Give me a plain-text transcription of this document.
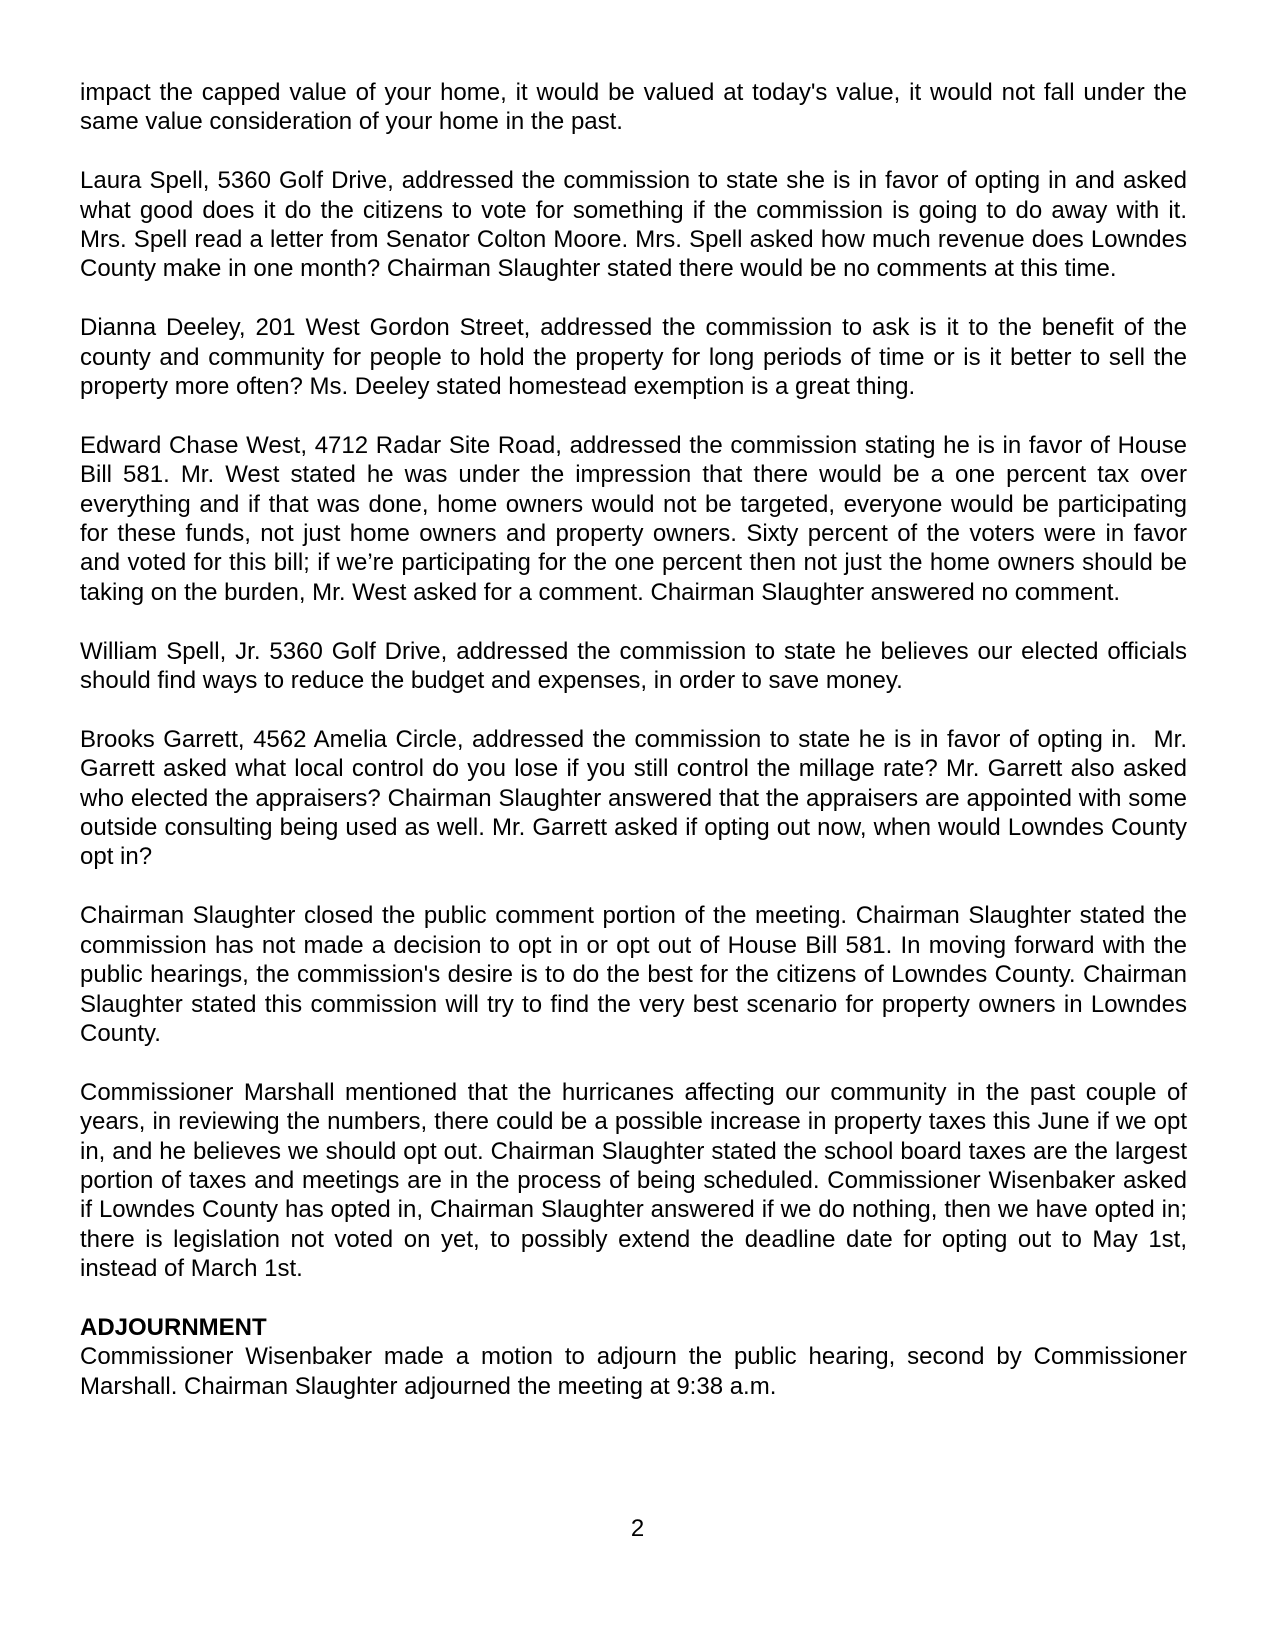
impact the capped value of your home, it would be valued at today's value, it would not fall under the same value consideration of your home in the past.

Laura Spell, 5360 Golf Drive, addressed the commission to state she is in favor of opting in and asked what good does it do the citizens to vote for something if the commission is going to do away with it. Mrs. Spell read a letter from Senator Colton Moore. Mrs. Spell asked how much revenue does Lowndes County make in one month? Chairman Slaughter stated there would be no comments at this time.

Dianna Deeley, 201 West Gordon Street, addressed the commission to ask is it to the benefit of the county and community for people to hold the property for long periods of time or is it better to sell the property more often? Ms. Deeley stated homestead exemption is a great thing.

Edward Chase West, 4712 Radar Site Road, addressed the commission stating he is in favor of House Bill 581. Mr. West stated he was under the impression that there would be a one percent tax over everything and if that was done, home owners would not be targeted, everyone would be participating for these funds, not just home owners and property owners. Sixty percent of the voters were in favor and voted for this bill; if we’re participating for the one percent then not just the home owners should be taking on the burden, Mr. West asked for a comment. Chairman Slaughter answered no comment.

William Spell, Jr. 5360 Golf Drive, addressed the commission to state he believes our elected officials should find ways to reduce the budget and expenses, in order to save money.

Brooks Garrett, 4562 Amelia Circle, addressed the commission to state he is in favor of opting in.  Mr. Garrett asked what local control do you lose if you still control the millage rate? Mr. Garrett also asked who elected the appraisers? Chairman Slaughter answered that the appraisers are appointed with some outside consulting being used as well. Mr. Garrett asked if opting out now, when would Lowndes County opt in?

Chairman Slaughter closed the public comment portion of the meeting. Chairman Slaughter stated the commission has not made a decision to opt in or opt out of House Bill 581. In moving forward with the public hearings, the commission's desire is to do the best for the citizens of Lowndes County. Chairman Slaughter stated this commission will try to find the very best scenario for property owners in Lowndes County.

Commissioner Marshall mentioned that the hurricanes affecting our community in the past couple of years, in reviewing the numbers, there could be a possible increase in property taxes this June if we opt in, and he believes we should opt out. Chairman Slaughter stated the school board taxes are the largest portion of taxes and meetings are in the process of being scheduled. Commissioner Wisenbaker asked if Lowndes County has opted in, Chairman Slaughter answered if we do nothing, then we have opted in; there is legislation not voted on yet, to possibly extend the deadline date for opting out to May 1st, instead of March 1st.

ADJOURNMENT

Commissioner Wisenbaker made a motion to adjourn the public hearing, second by Commissioner Marshall. Chairman Slaughter adjourned the meeting at 9:38 a.m.

2
